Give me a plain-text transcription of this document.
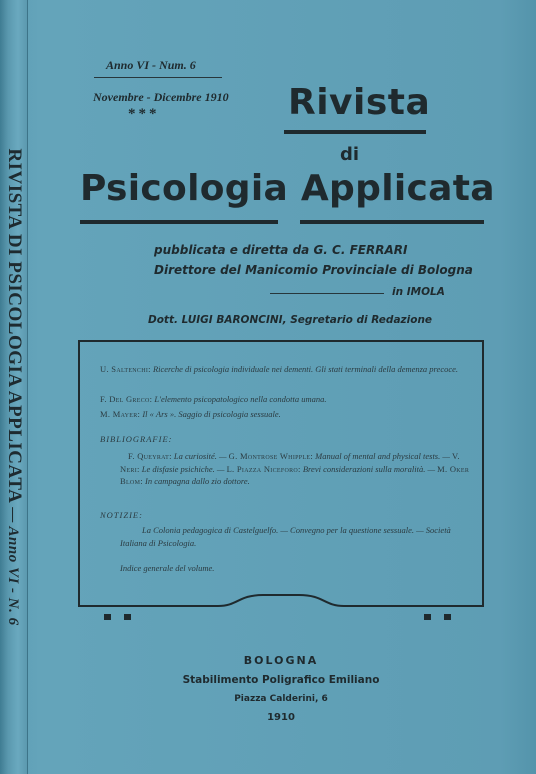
RIVISTA DI PSICOLOGIA APPLICATA— Anno VI - N. 6
Anno VI - Num. 6
Novembre - Dicembre 1910
***	Rivista
di
Psicologia Applicata
pubblicata e diretta da G. C. FERRARI
Direttore del Manicomio Provinciale di Bologna
in IMOLA
Dott. LUIGI BARONCINI, Segretario di Redazione
U. Saltenchi: Ricerche di psicologia individuale nei dementi. Gli stati terminali della demenza precoce.
F. Del Greco: L'elemento psicopatologico nella condotta umana.
M. Mayer: Il « Ars ». Saggio di psicologia sessuale.
BIBLIOGRAFIE:
F. Queyrat: La curiosité. — G. Montrose Whipple: Manual of mental and physical tests. — V. Neri: Le disfasie psichiche. — L. Piazza Niceforo: Brevi considerazioni sulla moralità. — M. Oker Blom: In campagna dallo zio dottore.
NOTIZIE:
La Colonia pedagogica di Castelguelfo. — Convegno per la questione sessuale. — Società Italiana di Psicologia.
Indice generale del volume.
BOLOGNA
Stabilimento Poligrafico Emiliano
Piazza Calderini, 6
1910
